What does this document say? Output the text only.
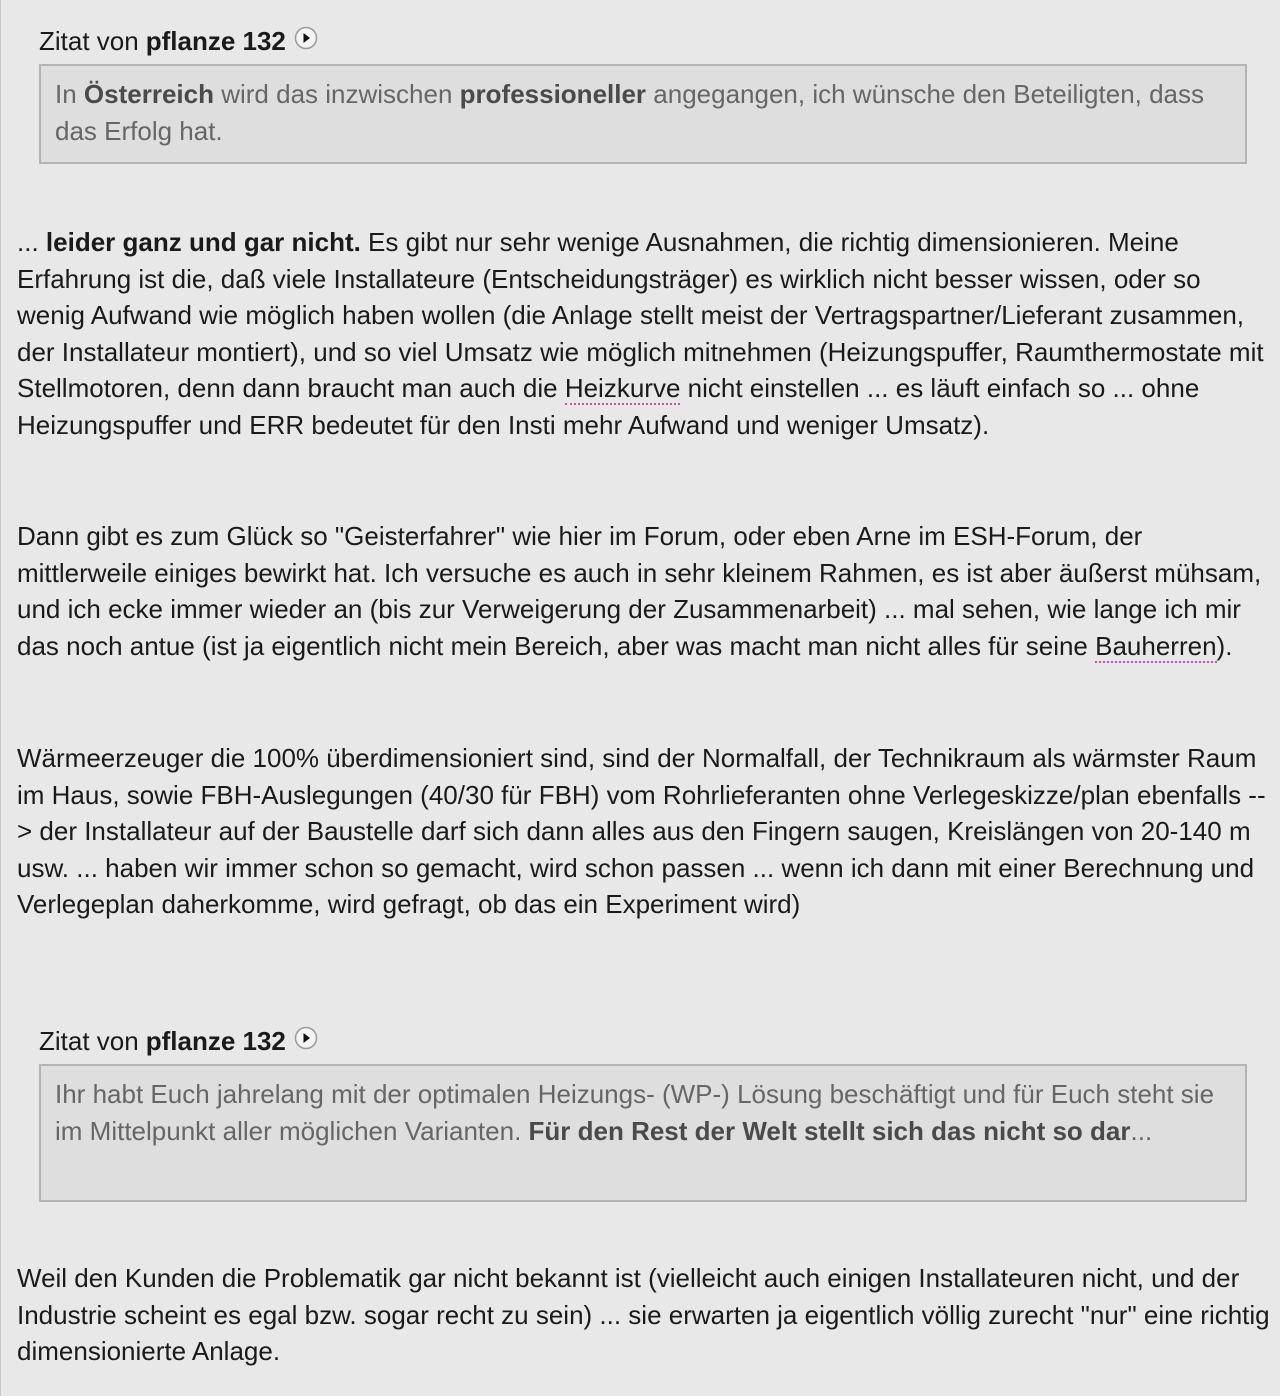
Zitat von pflanze 132
In Österreich wird das inzwischen professioneller angegangen, ich wünsche den Beteiligten, dass das Erfolg hat.

... leider ganz und gar nicht. Es gibt nur sehr wenige Ausnahmen, die richtig dimensionieren. Meine Erfahrung ist die, daß viele Installateure (Entscheidungsträger) es wirklich nicht besser wissen, oder so wenig Aufwand wie möglich haben wollen (die Anlage stellt meist der Vertragspartner/Lieferant zusammen, der Installateur montiert), und so viel Umsatz wie möglich mitnehmen (Heizungspuffer, Raumthermostate mit Stellmotoren, denn dann braucht man auch die Heizkurve nicht einstellen ... es läuft einfach so ... ohne Heizungspuffer und ERR bedeutet für den Insti mehr Aufwand und weniger Umsatz).

Dann gibt es zum Glück so "Geisterfahrer" wie hier im Forum, oder eben Arne im ESH-Forum, der mittlerweile einiges bewirkt hat. Ich versuche es auch in sehr kleinem Rahmen, es ist aber äußerst mühsam, und ich ecke immer wieder an (bis zur Verweigerung der Zusammenarbeit) ... mal sehen, wie lange ich mir das noch antue (ist ja eigentlich nicht mein Bereich, aber was macht man nicht alles für seine Bauherren).

Wärmeerzeuger die 100% überdimensioniert sind, sind der Normalfall, der Technikraum als wärmster Raum im Haus, sowie FBH-Auslegungen (40/30 für FBH) vom Rohrlieferanten ohne Verlegeskizze/plan ebenfalls --> der Installateur auf der Baustelle darf sich dann alles aus den Fingern saugen, Kreislängen von 20-140 m usw. ... haben wir immer schon so gemacht, wird schon passen ... wenn ich dann mit einer Berechnung und Verlegeplan daherkomme, wird gefragt, ob das ein Experiment wird)

Zitat von pflanze 132
Ihr habt Euch jahrelang mit der optimalen Heizungs- (WP-) Lösung beschäftigt und für Euch steht sie im Mittelpunkt aller möglichen Varianten. Für den Rest der Welt stellt sich das nicht so dar...

Weil den Kunden die Problematik gar nicht bekannt ist (vielleicht auch einigen Installateuren nicht, und der Industrie scheint es egal bzw. sogar recht zu sein) ... sie erwarten ja eigentlich völlig zurecht "nur" eine richtig dimensionierte Anlage.
